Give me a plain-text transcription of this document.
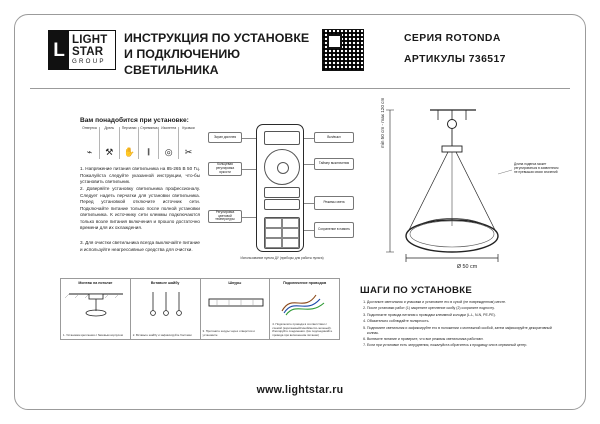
L LIGHT
STAR
GROUP
ИНСТРУКЦИЯ ПО УСТАНОВКЕ И ПОДКЛЮЧЕНИЮ СВЕТИЛЬНИКА
СЕРИЯ ROTONDA
АРТИКУЛЫ 736517
Вам понадобится при установке:
Отвертка
⌁
Дрель
⚒
Перчатки
✋
Стремянка
𝄃
Изолента
◎
Кусачки
✂
1. Напряжение питания светильника на 85-265 В 50 Гц. Пожалуйста следуйте указанной инструкции, что-бы установить светильник.
2. Доверяйте установку светильника профессионалу. Следует надеть перчатки для установки светильника. Перед установкой отключите источник сети. Подключайте питание только после полной установки светильника. К источнику сети клеммы подключаются только возле питания включения и прошло достаточно времени для их охлаждения.
3. Для очистки светильника всегда выключайте питание и используйте неагрессивные средства для очистки.
Экран дисплея
Кольцевая регулировка яркости
Регулировка цветовой температуры
Вкл/выкл
Таймер выключения
Режимы света
Сохранение в память
Использование пульта ДУ (приборы для работы пульта)
min 50 cm - max 120 cm
Ø 50 cm
Длина подвеса может регулироваться в заявленном не превышая своих значений
Монтаж на потолке
1. Установка крепления с базовым корпусом
Вставьте шайбу
2. Вставьте шайбу и зафиксируйте болтами
Шнуры
3. Протяните шнуры через отверстия и установите
Подключение проводов
4. Подключите провода в соответствии с схемой (коричневый/синий/желто-зеленый). Изолируйте соединения. (Не подсоединяйте провода при включенном питании)
ШАГИ ПО УСТАНОВКЕ
1. Достаньте светильник и упаковки и установите его в сухой (не поврежденном) месте.
2. После установки работ (1) закрепите крепление скобу (2) сохраните подпочту.
3. Подключите провода питания к проводам клеммной колодки (L-L, N-N, PE-PE).
4. Обязательно соблюдайте полярность.
5. Поднимите светильник и зафиксируйте его в положении с монтажной скобой, затем зафиксируйте декоративный колпак.
6. Включите питание и проверьте, что все режимы светильника работают.
7. Если при установке есть затруднения, пожалуйста обратитесь к продавцу или в сервисный центр.
www.lightstar.ru
